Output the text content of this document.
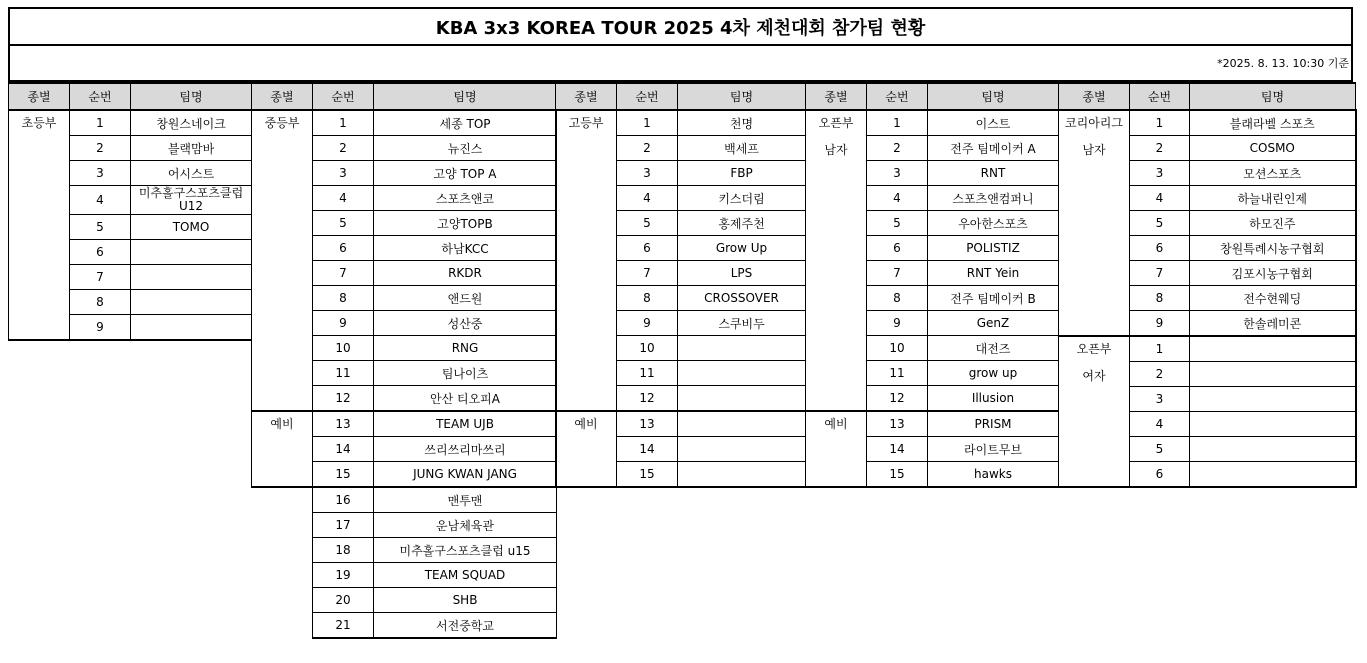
KBA 3x3 KOREA TOUR 2025 4차 제천대회 참가팀 현황
*2025. 8. 13. 10:30 기준
종별	순번	팀명
초등부	1	창원스네이크
	2	블랙맘바
	3	어시스트
	4	미추홀구스포츠클럽 U12
	5	TOMO
	6	
	7	
	8	
	9	
종별	순번	팀명
중등부	1	세종 TOP
	2	뉴진스
	3	고양 TOP A
	4	스포츠앤코
	5	고양TOPB
	6	하남KCC
	7	RKDR
	8	앤드원
	9	성산중
	10	RNG
	11	팀나이츠
	12	안산 티오피A
예비	13	TEAM UJB
	14	쓰리쓰리마쓰리
	15	JUNG KWAN JANG
	16	맨투맨
	17	운남체육관
	18	미추홀구스포츠클럽 u15
	19	TEAM SQUAD
	20	SHB
	21	서전중학교
종별	순번	팀명
고등부	1	천명
	2	백세프
	3	FBP
	4	키스더림
	5	홍제주천
	6	Grow Up
	7	LPS
	8	CROSSOVER
	9	스쿠비두
	10	
	11	
	12	
예비	13	
	14	
	15	
종별	순번	팀명
오픈부
남자	1	이스트
	2	전주 팀메이커 A
	3	RNT
	4	스포츠앤컴퍼니
	5	우아한스포츠
	6	POLISTIZ
	7	RNT Yein
	8	전주 팀메이커 B
	9	GenZ
	10	대전즈
	11	grow up
	12	Illusion
예비	13	PRISM
	14	라이트무브
	15	hawks
종별	순번	팀명
코리아리그
남자	1	블래라벨 스포츠
	2	COSMO
	3	모션스포츠
	4	하늘내린인제
	5	하모진주
	6	창원특례시농구협회
	7	김포시농구협회
	8	전수현웨딩
	9	한솔레미콘
오픈부
여자	1	
	2	
	3	
	4	
	5	
	6	
